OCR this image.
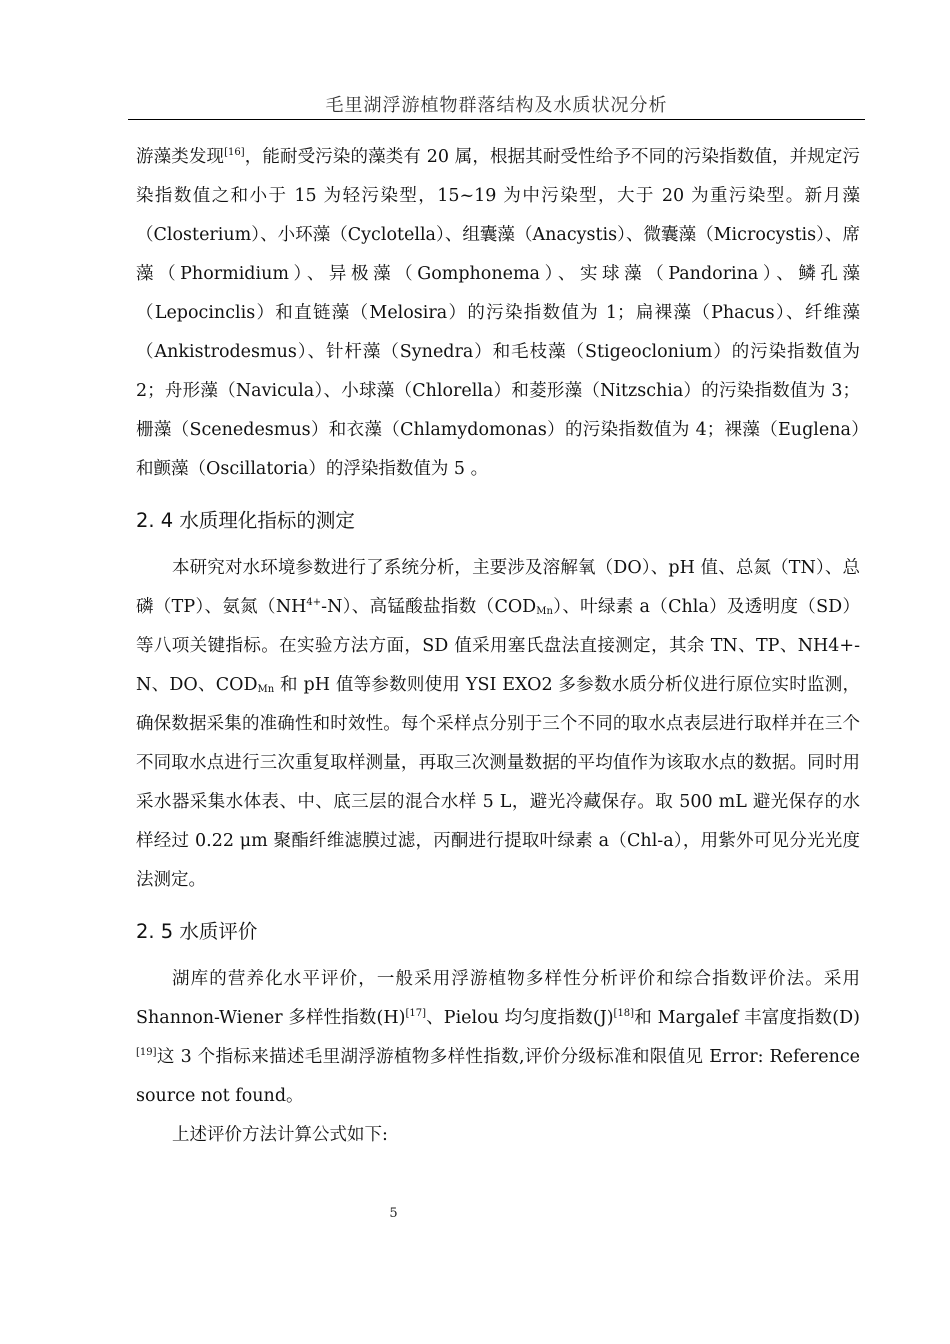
毛里湖浮游植物群落结构及水质状况分析

游藻类发现[16]，能耐受污染的藻类有 20 属，根据其耐受性给予不同的污染指数值，并规定污染指数值之和小于 15 为轻污染型，15~19 为中污染型，大于 20 为重污染型。新月藻（Closterium）、小环藻（Cyclotella）、组囊藻（Anacystis）、微囊藻（Microcystis）、席藻（Phormidium）、异极藻（Gomphonema）、实球藻（Pandorina）、鳞孔藻（Lepocinclis）和直链藻（Melosira）的污染指数值为 1；扁裸藻（Phacus）、纤维藻（Ankistrodesmus）、针杆藻（Synedra）和毛枝藻（Stigeoclonium）的污染指数值为 2；舟形藻（Navicula）、小球藻（Chlorella）和菱形藻（Nitzschia）的污染指数值为 3；栅藻（Scenedesmus）和衣藻（Chlamydomonas）的污染指数值为 4；裸藻（Euglena）和颤藻（Oscillatoria）的浮染指数值为 5 。

2. 4 水质理化指标的测定

本研究对水环境参数进行了系统分析，主要涉及溶解氧（DO）、pH 值、总氮（TN）、总磷（TP）、氨氮$(NH^{4+}-N)$、高锰酸盐指数$(COD_{Mn})$、叶绿素 a（Chla）及透明度（SD）等八项关键指标。在实验方法方面，SD 值采用塞氏盘法直接测定，其余 TN、TP、NH4+-N、DO、$COD_{Mn}$ 和 pH 值等参数则使用 YSI EXO2 多参数水质分析仪进行原位实时监测，确保数据采集的准确性和时效性。每个采样点分别于三个不同的取水点表层进行取样并在三个不同取水点进行三次重复取样测量，再取三次测量数据的平均值作为该取水点的数据。同时用采水器采集水体表、中、底三层的混合水样 5 L，避光冷藏保存。取 500 mL 避光保存的水样经过 0.22 μm 聚酯纤维滤膜过滤，丙酮进行提取叶绿素 a（Chl-a），用紫外可见分光光度法测定。

2. 5 水质评价

湖库的营养化水平评价，一般采用浮游植物多样性分析评价和综合指数评价法。采用 Shannon-Wiener 多样性指数(H)[17]、Pielou 均匀度指数(J)[18]和 Margalef 丰富度指数(D)[19]这 3 个指标来描述毛里湖浮游植物多样性指数,评价分级标准和限值见 Error: Reference source not found。

上述评价方法计算公式如下:

5
